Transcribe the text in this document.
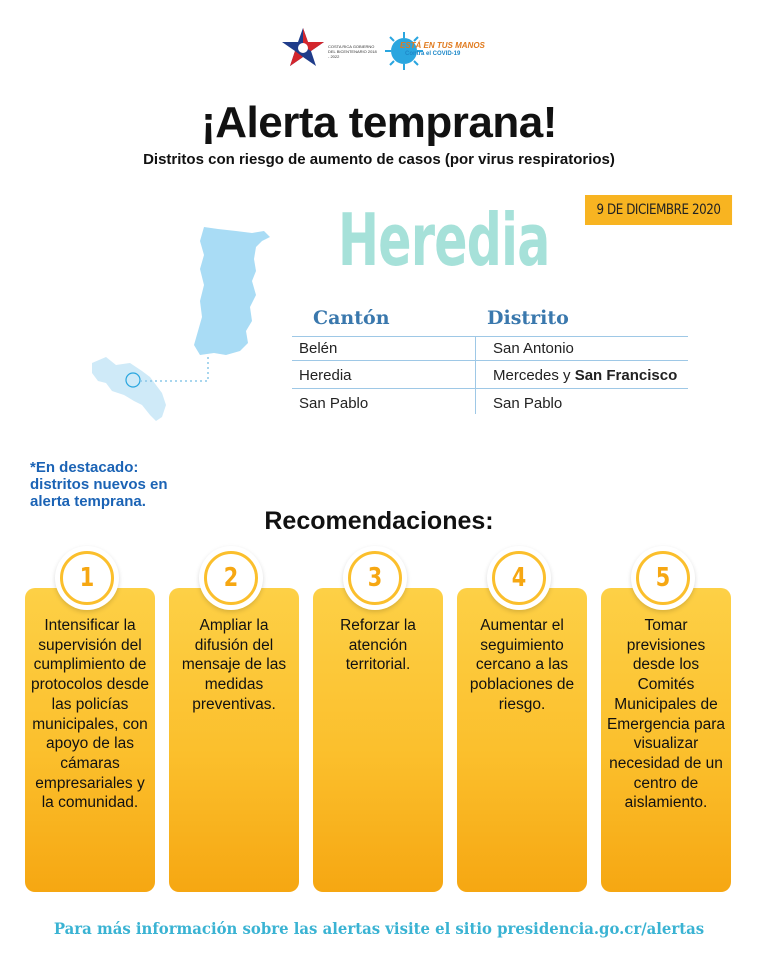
COSTA RICA GOBIERNO DEL BICENTENARIO 2018 - 2022
ESTÁ EN TUS MANOS
Contra el COVID-19
¡Alerta temprana!
Distritos con riesgo de aumento de casos (por virus respiratorios)
9 DE DICIEMBRE 2020
Heredia
Cantón	Distrito
Belén	San Antonio
Heredia	Mercedes y San Francisco
San Pablo	San Pablo
*En destacado: distritos nuevos en alerta temprana.
Recomendaciones:
Intensificar la supervisión del cumplimiento de protocolos desde las policías municipales, con apoyo de las cámaras empresariales y la comunidad.
1
Ampliar la difusión del mensaje de las medidas preventivas.
2
Reforzar la atención territorial.
3
Aumentar el seguimiento cercano a las poblaciones de riesgo.
4
Tomar previsiones desde los Comités Municipales de Emergencia para visualizar necesidad de un centro de aislamiento.
5
Para más información sobre las alertas visite el sitio presidencia.go.cr/alertas
